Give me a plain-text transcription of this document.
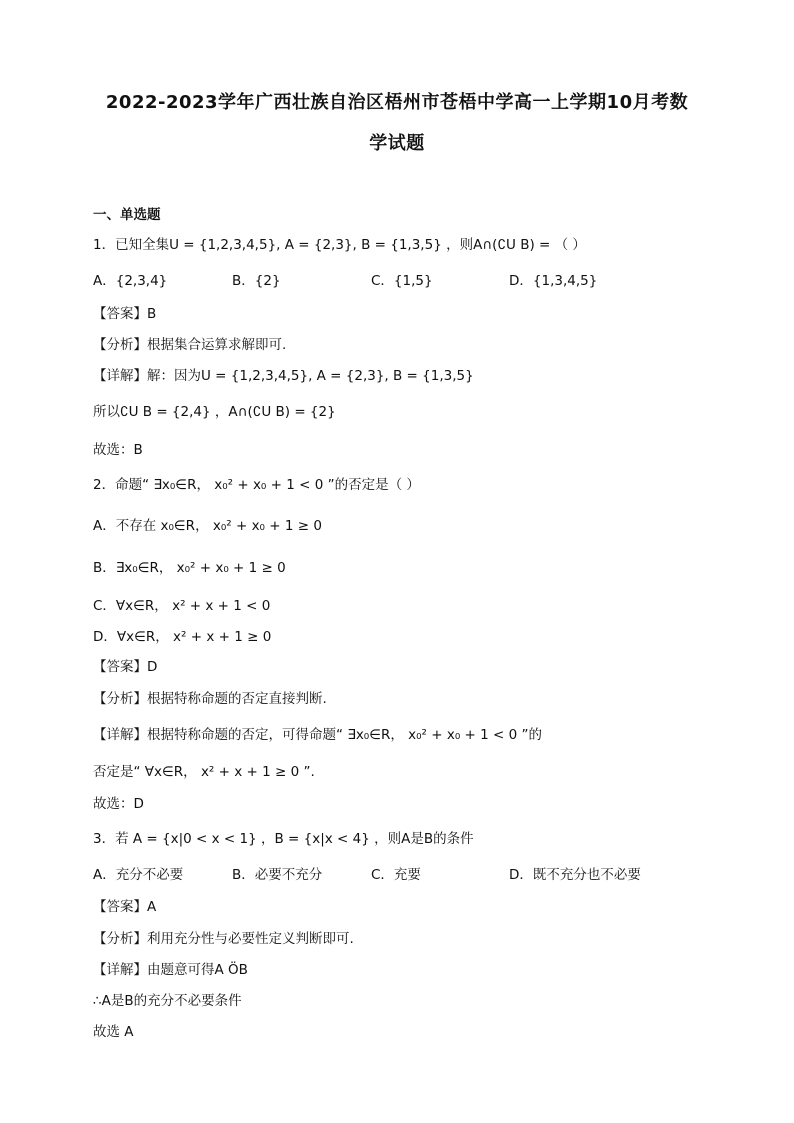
2022-2023学年广西壮族自治区梧州市苍梧中学高一上学期10月考数
学试题
一、单选题
1．已知全集U = {1,2,3,4,5}, A = {2,3}, B = {1,3,5} ，则A∩(∁U B) = （ ）
A．{2,3,4}	B．{2}	C．{1,5}	D．{1,3,4,5}
【答案】B
【分析】根据集合运算求解即可.
【详解】解：因为U = {1,2,3,4,5}, A = {2,3}, B = {1,3,5}
所以∁U B = {2,4} ，A∩(∁U B) = {2}
故选：B
2．命题“ ∃x₀∈R， x₀² + x₀ + 1 < 0 ”的否定是（ ）
A．不存在 x₀∈R， x₀² + x₀ + 1 ≥ 0
B．∃x₀∈R， x₀² + x₀ + 1 ≥ 0
C．∀x∈R， x² + x + 1 < 0
D．∀x∈R， x² + x + 1 ≥ 0
【答案】D
【分析】根据特称命题的否定直接判断.
【详解】根据特称命题的否定，可得命题“ ∃x₀∈R， x₀² + x₀ + 1 < 0 ”的
否定是“ ∀x∈R， x² + x + 1 ≥ 0 ”.
故选：D
3．若 A = {x|0 < x < 1} ，B = {x|x < 4} ，则A是B的条件
A．充分不必要	B．必要不充分	C．充要	D．既不充分也不必要
【答案】A
【分析】利用充分性与必要性定义判断即可.
【详解】由题意可得A ÖB
∴A是B的充分不必要条件
故选 A
